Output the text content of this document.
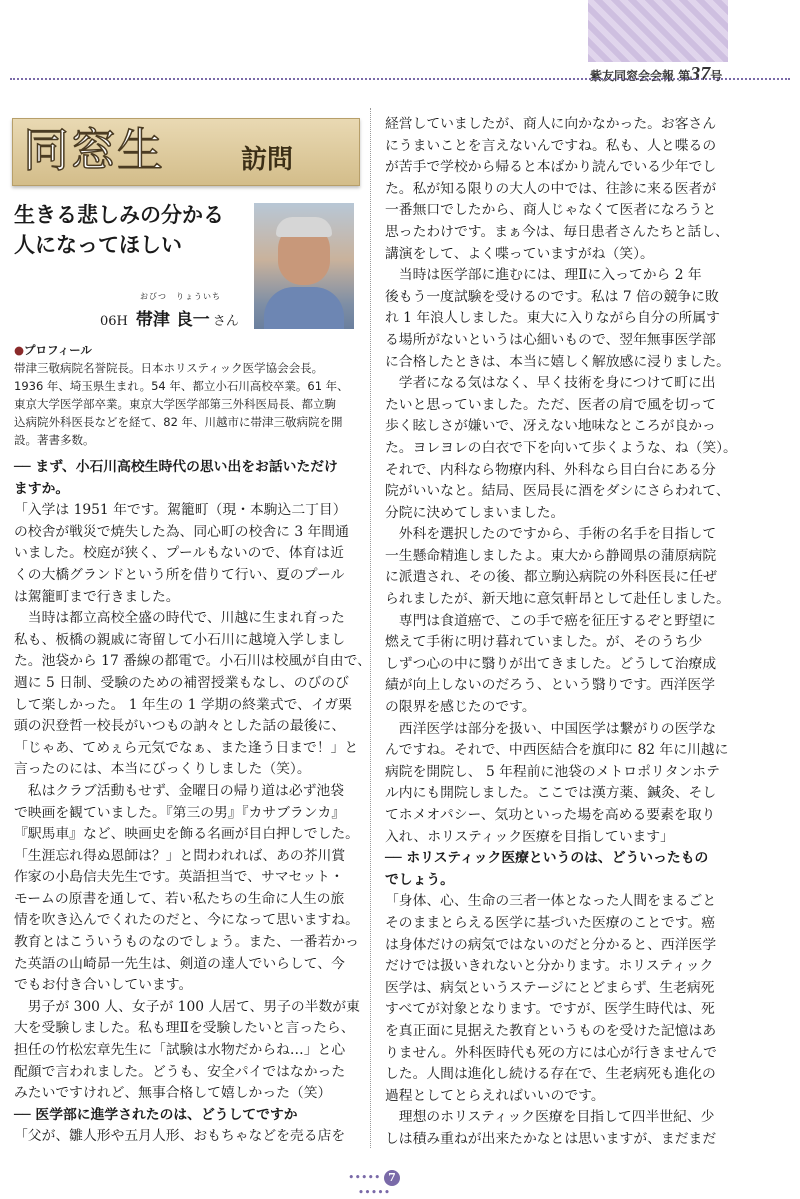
紫友同窓会会報 第37号
同窓生	訪問
生きる悲しみの分かる
人になってほしい
おびつ　りょういち
06H 帯津 良一 さん
●プロフィール
帯津三敬病院名誉院長。日本ホリスティック医学協会会長。
1936 年、埼玉県生まれ。54 年、都立小石川高校卒業。61 年、
東京大学医学部卒業。東京大学医学部第三外科医局長、都立駒
込病院外科医長などを経て、82 年、川越市に帯津三敬病院を開
設。著書多数。

── まず、小石川高校生時代の思い出をお話いただけ

ますか。

「入学は 1951 年です。駕籠町（現・本駒込二丁目）

の校舎が戦災で焼失した為、同心町の校舎に 3 年間通

いました。校庭が狭く、プールもないので、体育は近

くの大橋グランドという所を借りて行い、夏のプール

は駕籠町まで行きました。

　当時は都立高校全盛の時代で、川越に生まれ育った

私も、板橋の親戚に寄留して小石川に越境入学しまし

た。池袋から 17 番線の都電で。小石川は校風が自由で、

週に 5 日制、受験のための補習授業もなし、のびのび

して楽しかった。 1 年生の 1 学期の終業式で、イガ栗

頭の沢登哲一校長がいつもの訥々とした話の最後に、

「じゃあ、てめぇら元気でなぁ、また逢う日まで！」と

言ったのには、本当にびっくりしました（笑）。

　私はクラブ活動もせず、金曜日の帰り道は必ず池袋

で映画を観ていました。『第三の男』『カサブランカ』

『駅馬車』など、映画史を飾る名画が目白押しでした。

「生涯忘れ得ぬ恩師は？」と問われれば、あの芥川賞

作家の小島信夫先生です。英語担当で、サマセット・

モームの原書を通して、若い私たちの生命に人生の旅

情を吹き込んでくれたのだと、今になって思いますね。

教育とはこういうものなのでしょう。また、一番若かっ

た英語の山崎昴一先生は、剣道の達人でいらして、今

でもお付き合いしています。

　男子が 300 人、女子が 100 人居て、男子の半数が東

大を受験しました。私も理Ⅱを受験したいと言ったら、

担任の竹松宏章先生に「試験は水物だからね…」と心

配顔で言われました。どうも、安全パイではなかった

みたいですけれど、無事合格して嬉しかった（笑）

── 医学部に進学されたのは、どうしてですか

「父が、雛人形や五月人形、おもちゃなどを売る店を

経営していましたが、商人に向かなかった。お客さん

にうまいことを言えないんですね。私も、人と喋るの

が苦手で学校から帰ると本ばかり読んでいる少年でし

た。私が知る限りの大人の中では、往診に来る医者が

一番無口でしたから、商人じゃなくて医者になろうと

思ったわけです。まぁ今は、毎日患者さんたちと話し、

講演をして、よく喋っていますがね（笑）。

　当時は医学部に進むには、理Ⅱに入ってから 2 年

後もう一度試験を受けるのです。私は 7 倍の競争に敗

れ 1 年浪人しました。東大に入りながら自分の所属す

る場所がないというは心細いもので、翌年無事医学部

に合格したときは、本当に嬉しく解放感に浸りました。

　学者になる気はなく、早く技術を身につけて町に出

たいと思っていました。ただ、医者の肩で風を切って

歩く眩しさが嫌いで、冴えない地味なところが良かっ

た。ヨレヨレの白衣で下を向いて歩くような、ね（笑）。

それで、内科なら物療内科、外科なら目白台にある分

院がいいなと。結局、医局長に酒をダシにさらわれて、

分院に決めてしまいました。

　外科を選択したのですから、手術の名手を目指して

一生懸命精進しましたよ。東大から静岡県の蒲原病院

に派遣され、その後、都立駒込病院の外科医長に任ぜ

られましたが、新天地に意気軒昂として赴任しました。

　専門は食道癌で、この手で癌を征圧するぞと野望に

燃えて手術に明け暮れていました。が、そのうち少

しずつ心の中に翳りが出てきました。どうして治療成

績が向上しないのだろう、という翳りです。西洋医学

の限界を感じたのです。

　西洋医学は部分を扱い、中国医学は繋がりの医学な

んですね。それで、中西医結合を旗印に 82 年に川越に

病院を開院し、 5 年程前に池袋のメトロポリタンホテ

ル内にも開院しました。ここでは漢方薬、鍼灸、そし

てホメオパシー、気功といった場を高める要素を取り

入れ、ホリスティック医療を目指しています」

── ホリスティック医療というのは、どういったもの

でしょう。

「身体、心、生命の三者一体となった人間をまるごと

そのままとらえる医学に基づいた医療のことです。癌

は身体だけの病気ではないのだと分かると、西洋医学

だけでは扱いきれないと分かります。ホリスティック

医学は、病気というステージにとどまらず、生老病死

すべてが対象となります。ですが、医学生時代は、死

を真正面に見据えた教育というものを受けた記憶はあ

りません。外科医時代も死の方には心が行きませんで

した。人間は進化し続ける存在で、生老病死も進化の

過程としてとらえればいいのです。

　理想のホリスティック医療を目指して四半世紀、少

しは積み重ねが出来たかなとは思いますが、まだまだ

••••• 7 •••••
